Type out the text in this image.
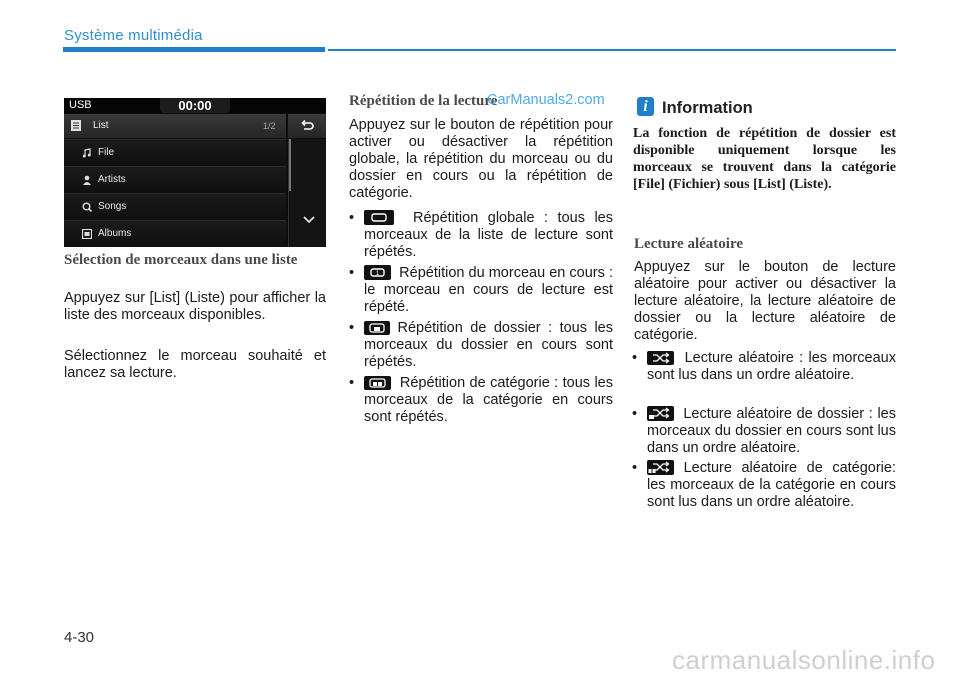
Système multimédia
USB	00:00
List	1/2
File
Artists
Songs
Albums
Sélection de morceaux dans une liste
Appuyez sur [List] (Liste) pour afficher la liste des morceaux disponibles.
Sélectionnez le morceau souhaité et lancez sa lecture.
Répétition de la lecture
Appuyez sur le bouton de répétition pour activer ou désactiver la répétition globale, la répétition du morceau ou du dossier en cours ou la répétition de catégorie.
•	Répétition globale : tous les morceaux de la liste de lecture sont répétés.
•	1 Répétition du morceau en cours : le morceau en cours de lecture est répété.
•	Répétition de dossier : tous les morceaux du dossier en cours sont répétés.
•	Répétition de catégorie : tous les morceaux de la catégorie en cours sont répétés.
i Information
La fonction de répétition de dossier est disponible uniquement lorsque les morceaux se trouvent dans la catégorie [File] (Fichier) sous [List] (Liste).
Lecture aléatoire
Appuyez sur le bouton de lecture aléatoire pour activer ou désactiver la lecture aléatoire, la lecture aléatoire de dossier ou la lecture aléatoire de catégorie.
•	Lecture aléatoire : les morceaux sont lus dans un ordre aléatoire.
•	Lecture aléatoire de dossier : les morceaux du dossier en cours sont lus dans un ordre aléatoire.
•	Lecture aléatoire de catégorie: les morceaux de la catégorie en cours sont lus dans un ordre aléatoire.
4-30
CarManuals2.com
carmanualsonline.info
